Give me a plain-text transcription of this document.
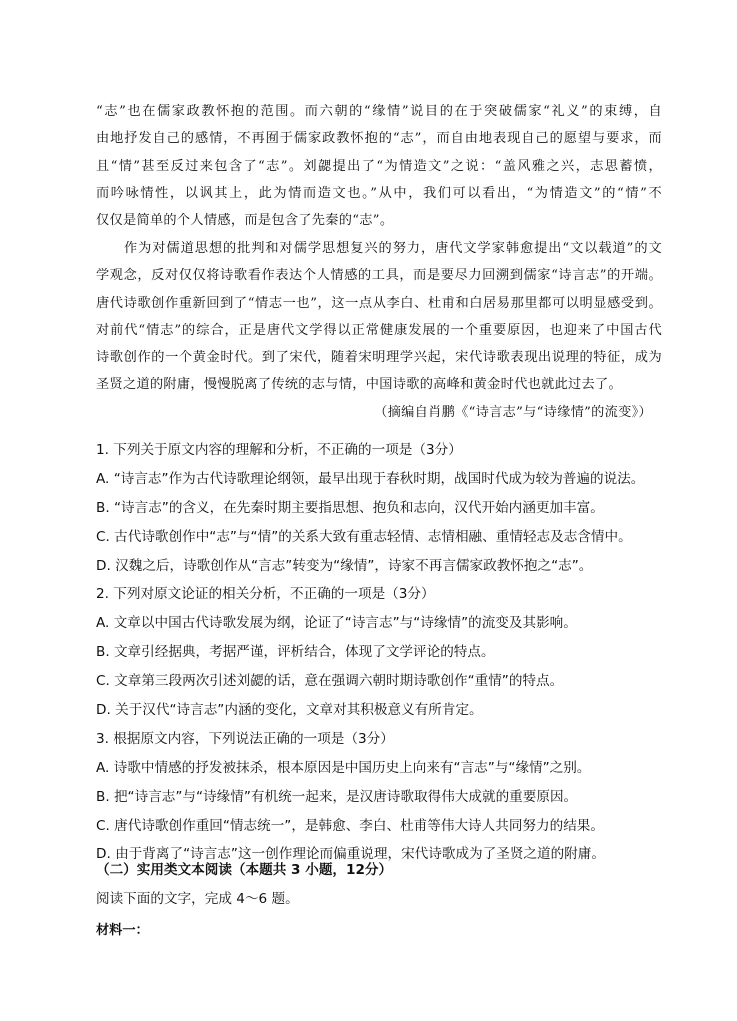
“志”也在儒家政教怀抱的范围。而六朝的“缘情”说目的在于突破儒家“礼义”的束缚，自
由地抒发自己的感情，不再囿于儒家政教怀抱的“志”，而自由地表现自己的愿望与要求，而
且“情”甚至反过来包含了“志”。刘勰提出了“为情造文”之说：“盖风雅之兴，志思蓄愤，
而吟咏情性，以讽其上，此为情而造文也。”从中，我们可以看出，“为情造文”的“情”不
仅仅是简单的个人情感，而是包含了先秦的“志”。
作为对儒道思想的批判和对儒学思想复兴的努力，唐代文学家韩愈提出“文以载道”的文
学观念，反对仅仅将诗歌看作表达个人情感的工具，而是要尽力回溯到儒家“诗言志”的开端。
唐代诗歌创作重新回到了“情志一也”，这一点从李白、杜甫和白居易那里都可以明显感受到。
对前代“情志”的综合，正是唐代文学得以正常健康发展的一个重要原因，也迎来了中国古代
诗歌创作的一个黄金时代。到了宋代，随着宋明理学兴起，宋代诗歌表现出说理的特征，成为
圣贤之道的附庸，慢慢脱离了传统的志与情，中国诗歌的高峰和黄金时代也就此过去了。
（摘编自肖鹏《“诗言志”与“诗缘情”的流变》）
1. 下列关于原文内容的理解和分析，不正确的一项是（3分）
A. “诗言志”作为古代诗歌理论纲领，最早出现于春秋时期，战国时代成为较为普遍的说法。
B. “诗言志”的含义，在先秦时期主要指思想、抱负和志向，汉代开始内涵更加丰富。
C. 古代诗歌创作中“志”与“情”的关系大致有重志轻情、志情相融、重情轻志及志含情中。
D. 汉魏之后，诗歌创作从“言志”转变为“缘情”，诗家不再言儒家政教怀抱之“志”。
2. 下列对原文论证的相关分析，不正确的一项是（3分）
A. 文章以中国古代诗歌发展为纲，论证了“诗言志”与“诗缘情”的流变及其影响。
B. 文章引经据典，考据严谨，评析结合，体现了文学评论的特点。
C. 文章第三段两次引述刘勰的话，意在强调六朝时期诗歌创作“重情”的特点。
D. 关于汉代“诗言志”内涵的变化，文章对其积极意义有所肯定。
3. 根据原文内容，下列说法正确的一项是（3分）
A. 诗歌中情感的抒发被抹杀，根本原因是中国历史上向来有“言志”与“缘情”之别。
B. 把“诗言志”与“诗缘情”有机统一起来，是汉唐诗歌取得伟大成就的重要原因。
C. 唐代诗歌创作重回“情志统一”，是韩愈、李白、杜甫等伟大诗人共同努力的结果。
D. 由于背离了“诗言志”这一创作理论而偏重说理，宋代诗歌成为了圣贤之道的附庸。
（二）实用类文本阅读（本题共 3 小题，12分）
阅读下面的文字，完成 4～6 题。
材料一：
